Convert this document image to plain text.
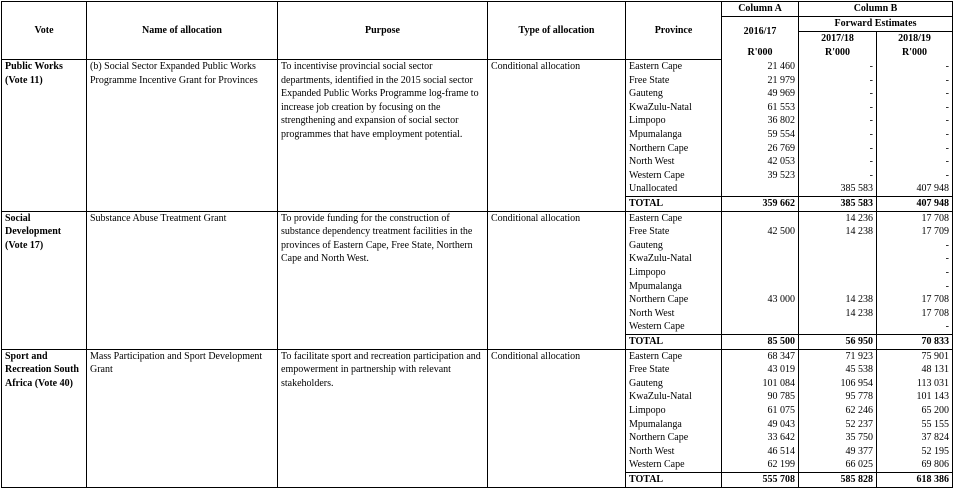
Vote	Name of allocation	Purpose	Type of allocation	Province	Column A	Column B	
					2016/17	Forward Estimates	
						2017/18	2018/19
					R'000	R'000	R'000
Public Works (Vote 11)	(b) Social Sector Expanded Public Works Programme Incentive Grant for Provinces	To incentivise provincial social sector departments, identified in the 2015 social sector Expanded Public Works Programme log-frame to increase job creation by focusing on the strengthening and expansion of social sector programmes that have employment potential.	Conditional allocation	Eastern Cape	21 460	-	-
				Free State	21 979	-	-
				Gauteng	49 969	-	-
				KwaZulu-Natal	61 553	-	-
				Limpopo	36 802	-	-
				Mpumalanga	59 554	-	-
				Northern Cape	26 769	-	-
				North West	42 053	-	-
				Western Cape	39 523	-	-
				Unallocated		385 583	407 948
				TOTAL	359 662	385 583	407 948
Social Development (Vote 17)	Substance Abuse Treatment Grant	To provide funding for the construction of substance dependency treatment facilities in the provinces of Eastern Cape, Free State, Northern Cape and North West.	Conditional allocation	Eastern Cape		14 236	17 708
				Free State	42 500	14 238	17 709
				Gauteng			-
				KwaZulu-Natal			-
				Limpopo			-
				Mpumalanga			-
				Northern Cape	43 000	14 238	17 708
				North West		14 238	17 708
				Western Cape			-
				TOTAL	85 500	56 950	70 833
Sport and Recreation South Africa (Vote 40)	Mass Participation and Sport Development Grant	To facilitate sport and recreation participation and empowerment in partnership with relevant stakeholders.	Conditional allocation	Eastern Cape	68 347	71 923	75 901
				Free State	43 019	45 538	48 131
				Gauteng	101 084	106 954	113 031
				KwaZulu-Natal	90 785	95 778	101 143
				Limpopo	61 075	62 246	65 200
				Mpumalanga	49 043	52 237	55 155
				Northern Cape	33 642	35 750	37 824
				North West	46 514	49 377	52 195
				Western Cape	62 199	66 025	69 806
				TOTAL	555 708	585 828	618 386
